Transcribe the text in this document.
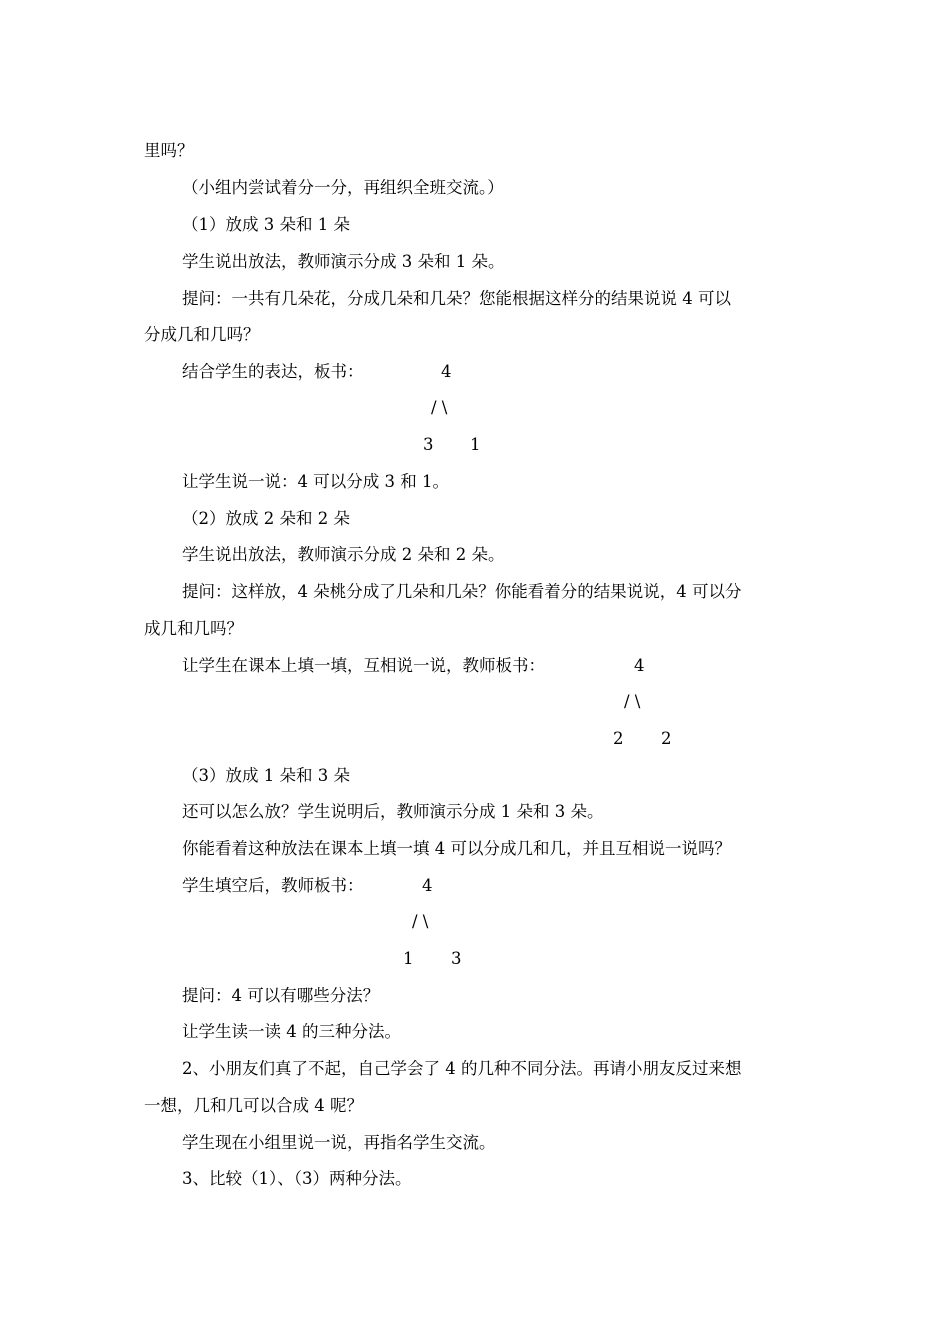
里吗？

（小组内尝试着分一分，再组织全班交流。）

（1）放成 3 朵和 1 朵

学生说出放法，教师演示分成 3 朵和 1 朵。

提问：一共有几朵花，分成几朵和几朵？您能根据这样分的结果说说 4 可以

分成几和几吗？

结合学生的表达，板书：	4
/ \
3 1

让学生说一说：4 可以分成 3 和 1。

（2）放成 2 朵和 2 朵

学生说出放法，教师演示分成 2 朵和 2 朵。

提问：这样放，4 朵桃分成了几朵和几朵？你能看着分的结果说说，4 可以分

成几和几吗？

让学生在课本上填一填，互相说一说，教师板书：	4
/ \
2 2

（3）放成 1 朵和 3 朵

还可以怎么放？学生说明后，教师演示分成 1 朵和 3 朵。

你能看着这种放法在课本上填一填 4 可以分成几和几，并且互相说一说吗？

学生填空后，教师板书：	4
/ \
1 3

提问：4 可以有哪些分法？

让学生读一读 4 的三种分法。

2、小朋友们真了不起，自己学会了 4 的几种不同分法。再请小朋友反过来想

一想，几和几可以合成 4 呢？

学生现在小组里说一说，再指名学生交流。

3、比较（1）、（3）两种分法。
